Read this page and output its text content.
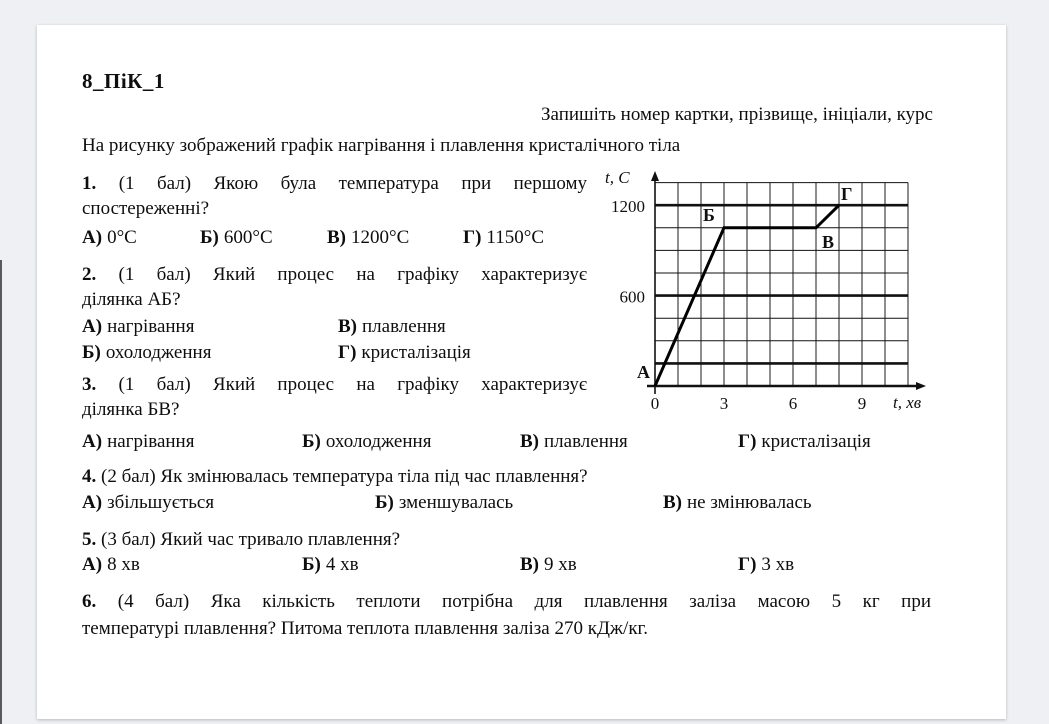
8_ПіК_1
Запишіть номер картки, прізвище, ініціали, курс
На рисунку зображений графік нагрівання і плавлення кристалічного тіла
1. (1 бал) Якою була температура при першому
спостереженні?
А) 0°С	Б) 600°С	В) 1200°С	Г) 1150°С
2. (1 бал) Який процес на графіку характеризує
ділянка АБ?
А) нагрівання	В) плавлення
Б) охолодження	Г) кристалізація
600
1200
0	3	6	9
t, C
t, хв
А
Б
В
Г
3. (1 бал) Який процес на графіку характеризує
ділянка БВ?
А) нагрівання	Б) охолодження	В) плавлення	Г) кристалізація
4. (2 бал) Як змінювалась температура тіла під час плавлення?
А) збільшується	Б) зменшувалась	В) не змінювалась
5. (3 бал) Який час тривало плавлення?
А) 8 хв	Б) 4 хв	В) 9 хв	Г) 3 хв
6. (4 бал) Яка кількість теплоти потрібна для плавлення заліза масою 5 кг при
температурі плавлення? Питома теплота плавлення заліза 270 кДж/кг.
